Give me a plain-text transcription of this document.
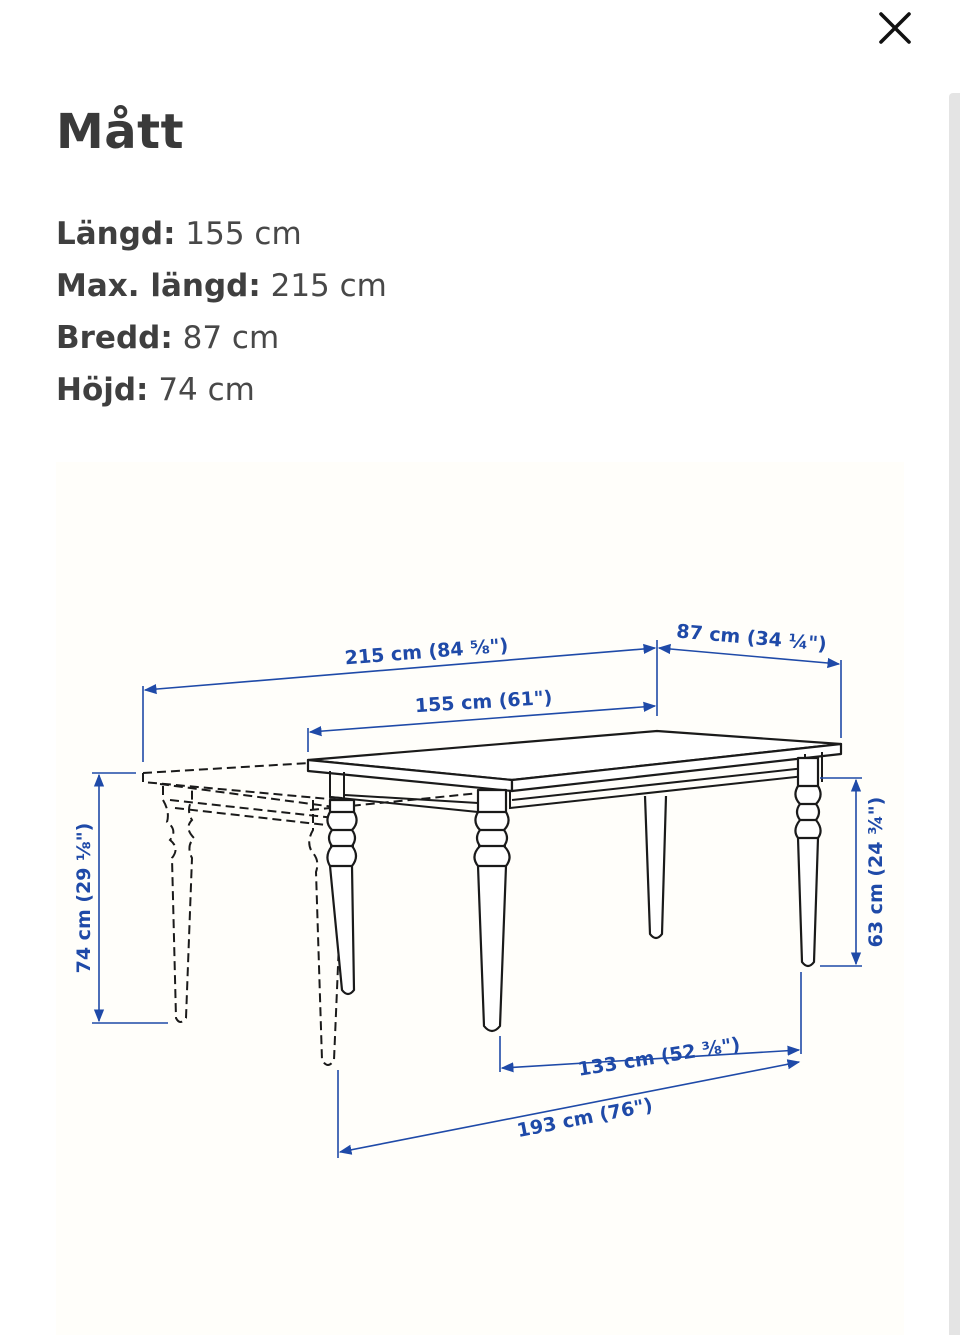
Mått
Längd: 155 cm
Max. längd: 215 cm
Bredd: 87 cm
Höjd: 74 cm
215 cm (84 ⅝")
155 cm (61")
87 cm (34 ¼")
74 cm (29 ⅛")	63 cm (24 ¾")
133 cm (52 ⅜")
193 cm (76")
